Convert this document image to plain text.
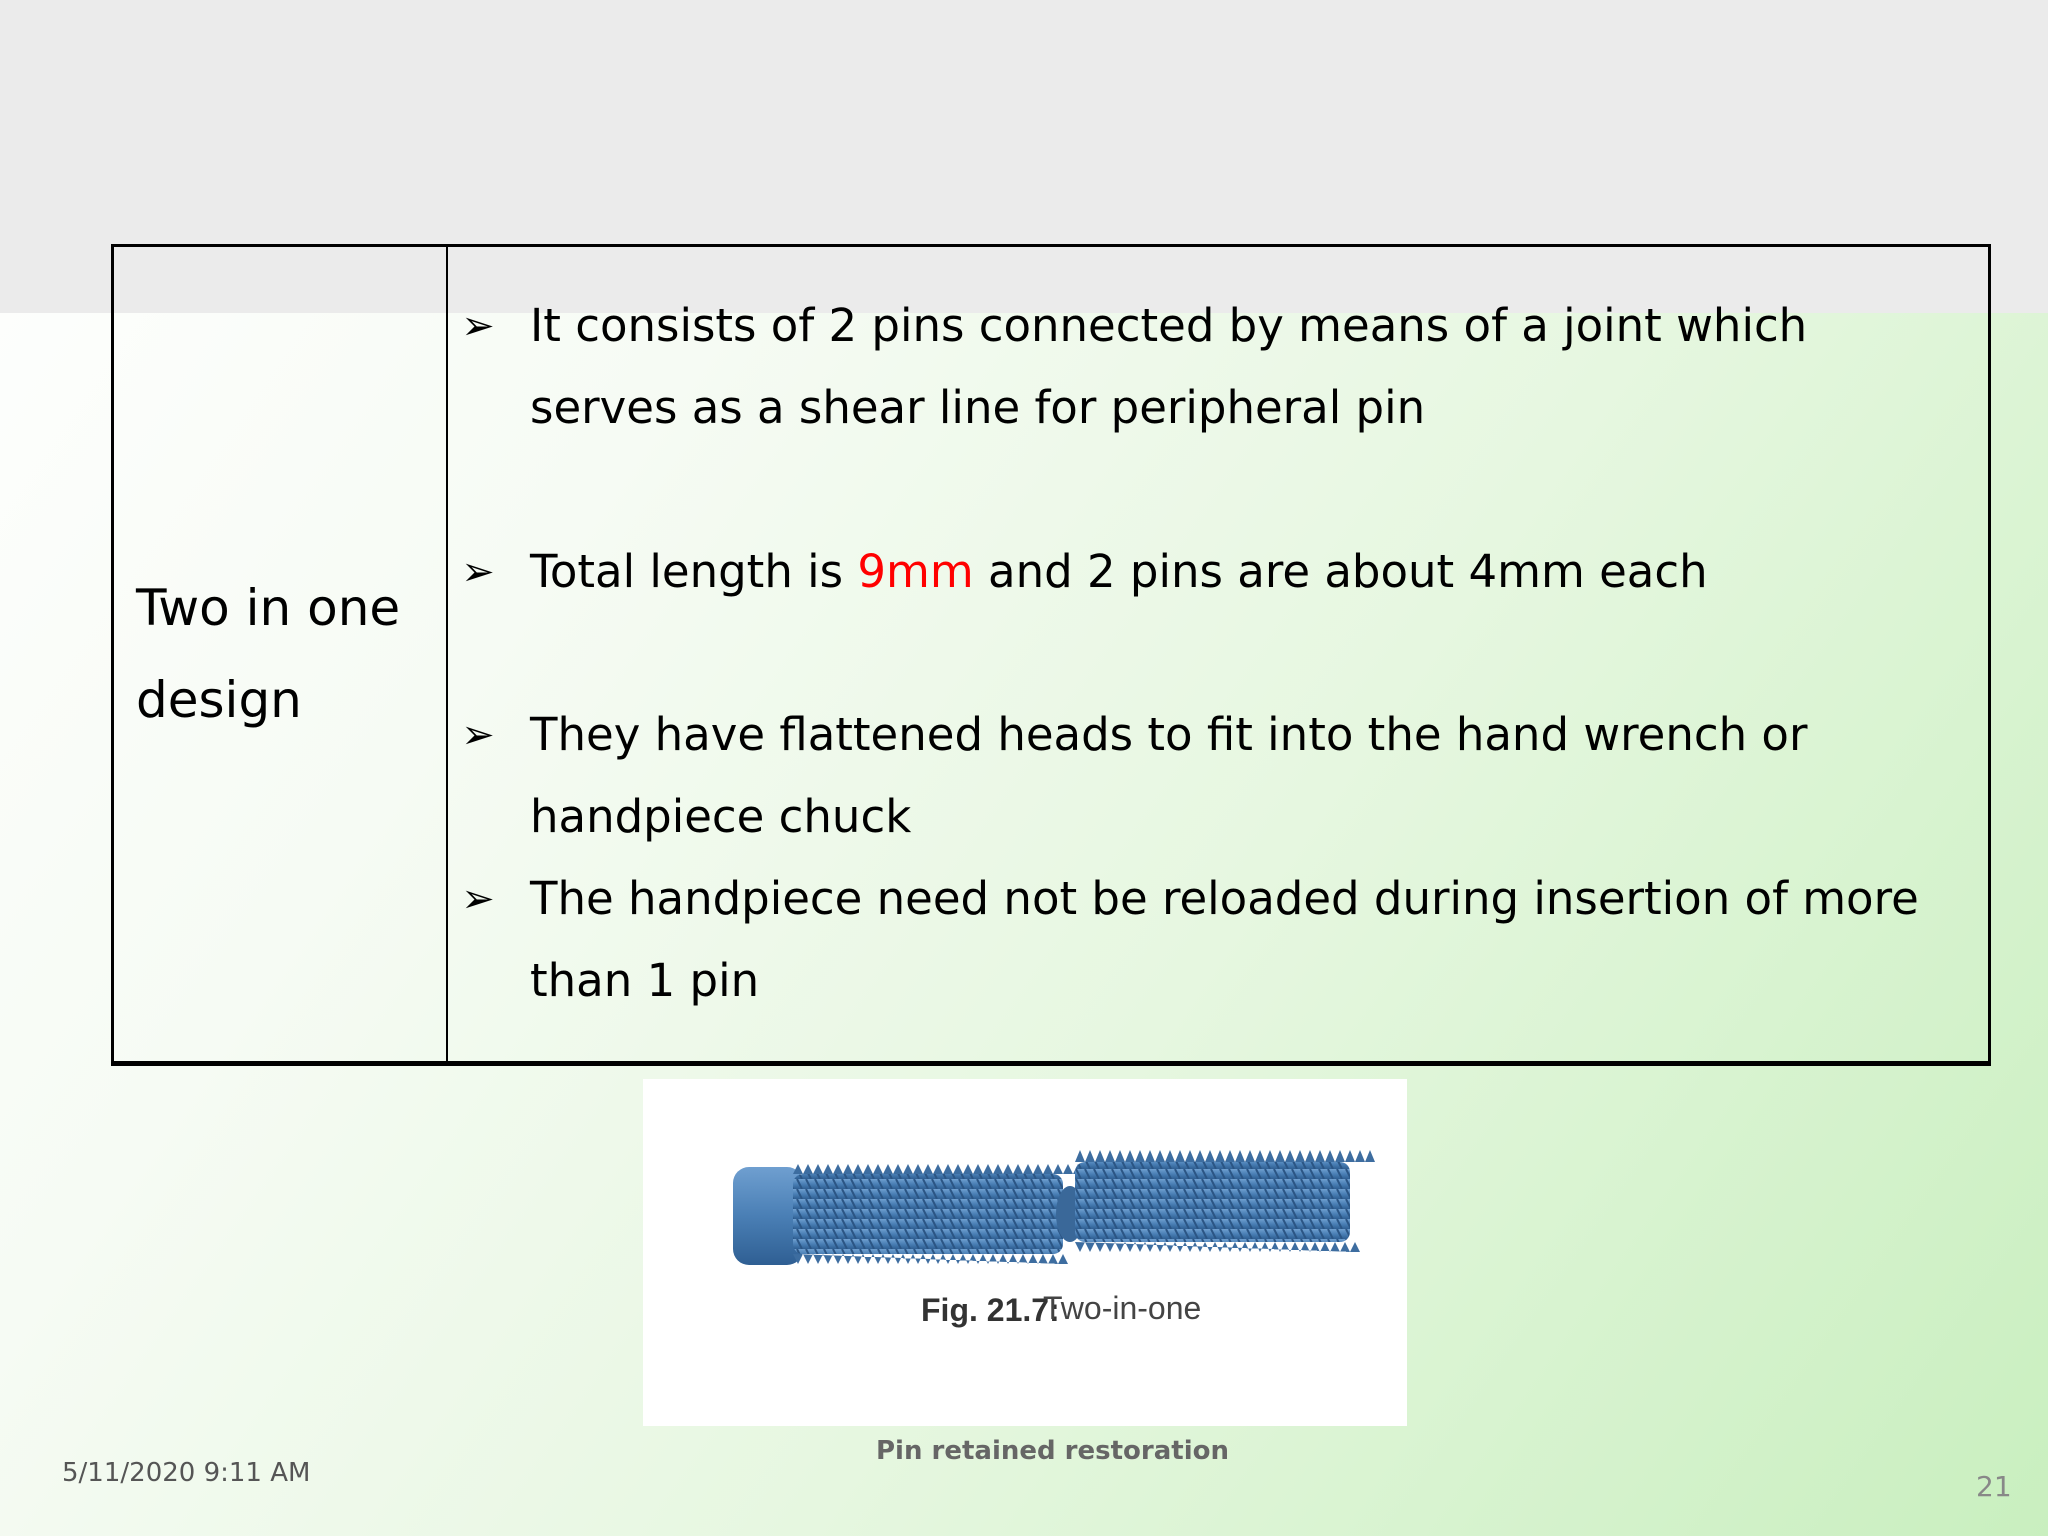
Two in one design	
➢ It consists of 2 pins connected by means of a joint which serves as a shear line for peripheral pin
➢ Total length is 9mm and 2 pins are about 4mm each
➢ They have flattened heads to fit into the hand wrench or handpiece chuck
➢ The handpiece need not be reloaded during insertion of more than 1 pin
Fig. 21.7:
Two-in-one
5/11/2020 9:11 AM
Pin retained restoration
21
